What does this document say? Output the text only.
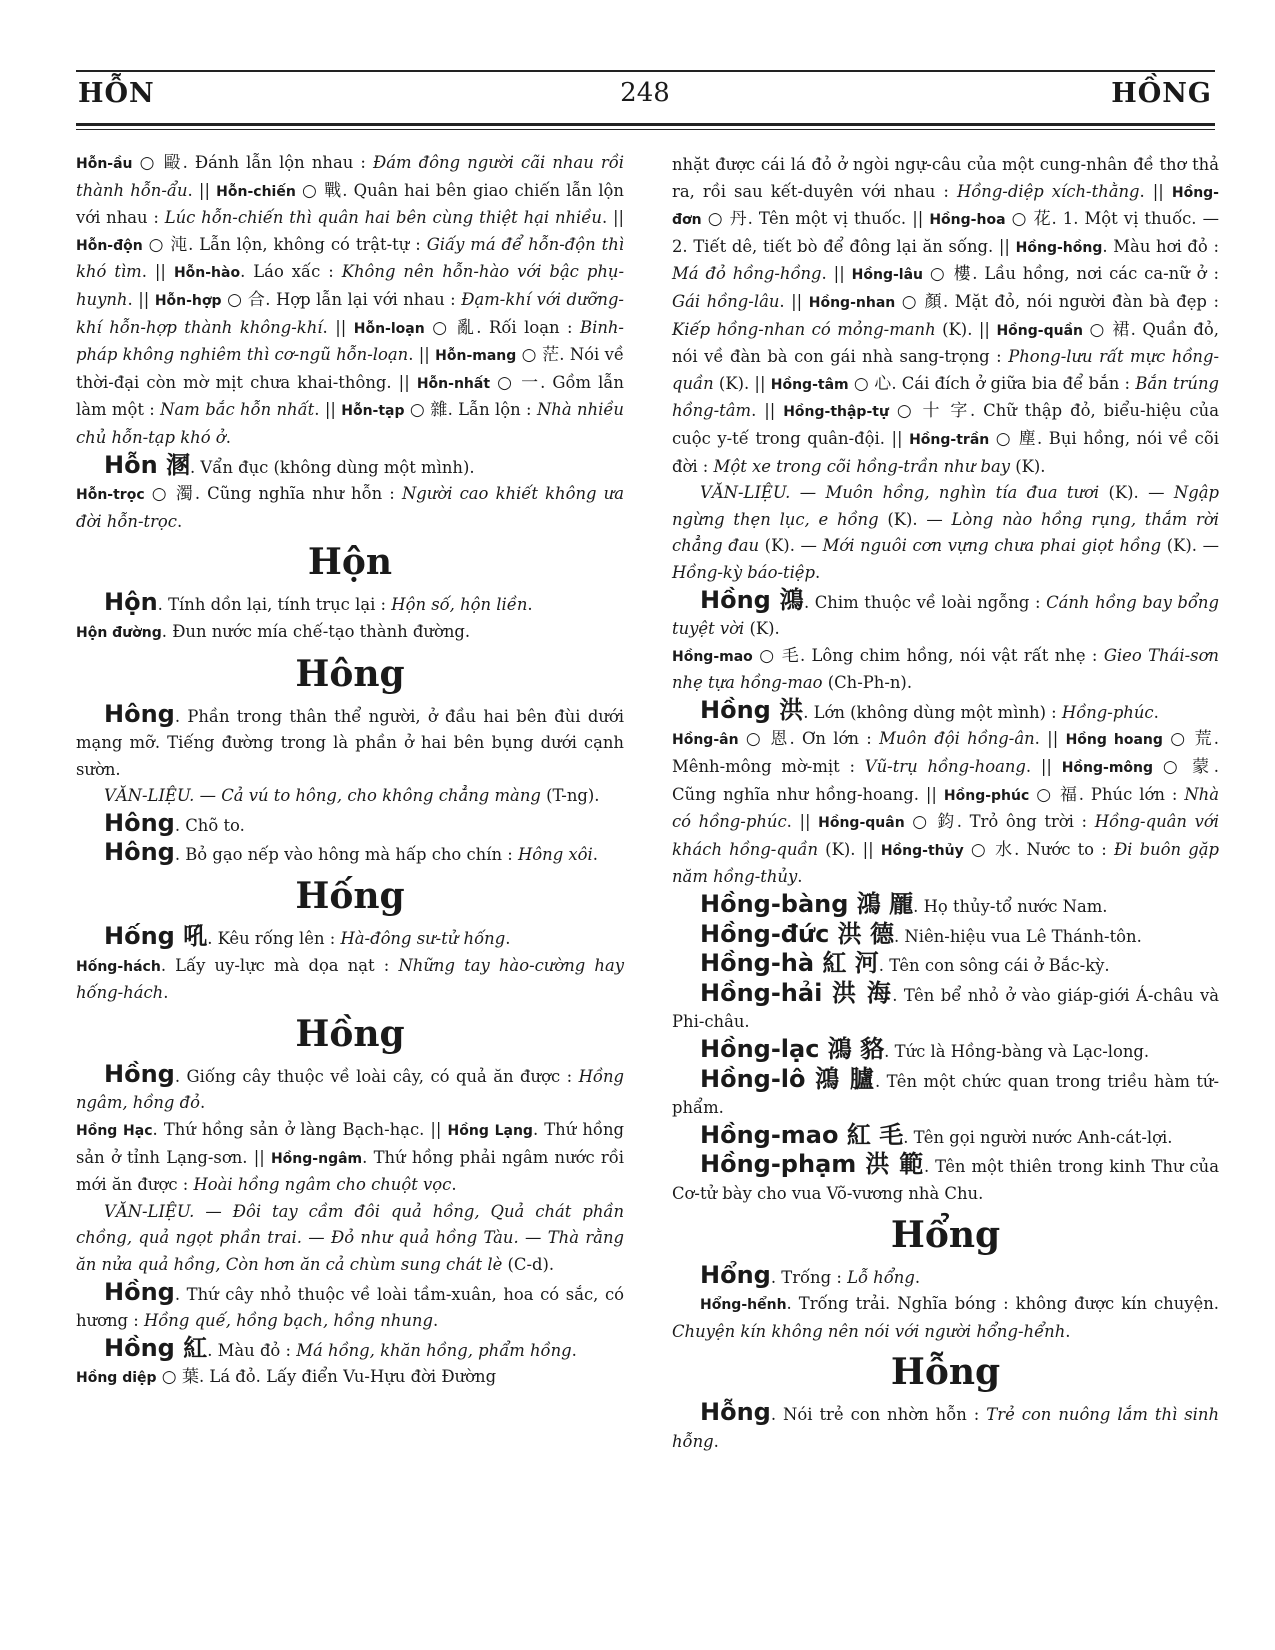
HỖN	248	HỒNG

Hỗn-ầu ○ 毆. Đánh lẫn lộn nhau : Đám đông người cãi nhau rồi thành hỗn-ẩu. || Hỗn-chiến ○ 戰. Quân hai bên giao chiến lẫn lộn với nhau : Lúc hỗn-chiến thì quân hai bên cùng thiệt hại nhiều. || Hỗn-độn ○ 沌. Lẫn lộn, không có trật-tự : Giấy má để hỗn-độn thì khó tìm. || Hỗn-hào. Láo xấc : Không nên hỗn-hào với bậc phụ-huynh. || Hỗn-hợp ○ 合. Hợp lẫn lại với nhau : Đạm-khí với dưỡng-khí hỗn-hợp thành không-khí. || Hỗn-loạn ○ 亂. Rối loạn : Binh-pháp không nghiêm thì cơ-ngũ hỗn-loạn. || Hỗn-mang ○ 茫. Nói về thời-đại còn mờ mịt chưa khai-thông. || Hỗn-nhất ○ 一. Gồm lẫn làm một : Nam bắc hỗn nhất. || Hỗn-tạp ○ 雜. Lẫn lộn : Nhà nhiều chủ hỗn-tạp khó ở.

Hỗn 溷. Vẩn đục (không dùng một mình).

Hỗn-trọc ○ 濁. Cũng nghĩa như hỗn : Người cao khiết không ưa đời hỗn-trọc.

Hộn

Hộn. Tính dồn lại, tính trục lại : Hộn số, hộn liền.

Hộn đường. Đun nước mía chế-tạo thành đường.

Hông

Hông. Phần trong thân thể người, ở đầu hai bên đùi dưới mạng mỡ. Tiếng đường trong là phần ở hai bên bụng dưới cạnh sườn.

VĂN-LIỆU. — Cả vú to hông, cho không chẳng màng (T-ng).

Hông. Chõ to.

Hông. Bỏ gạo nếp vào hông mà hấp cho chín : Hông xôi.

Hống

Hống 吼. Kêu rống lên : Hà-đông sư-tử hống.

Hống-hách. Lấy uy-lực mà dọa nạt : Những tay hào-cường hay hống-hách.

Hồng

Hồng. Giống cây thuộc về loài cây, có quả ăn được : Hồng ngâm, hồng đỏ.

Hồng Hạc. Thứ hồng sản ở làng Bạch-hạc. || Hồng Lạng. Thứ hồng sản ở tỉnh Lạng-sơn. || Hồng-ngâm. Thứ hồng phải ngâm nước rồi mới ăn được : Hoài hồng ngâm cho chuột vọc.

VĂN-LIỆU. — Đôi tay cầm đôi quả hồng, Quả chát phần chồng, quả ngọt phần trai. — Đỏ như quả hồng Tàu. — Thà rằng ăn nửa quả hồng, Còn hơn ăn cả chùm sung chát lè (C-d).

Hồng. Thứ cây nhỏ thuộc về loài tầm-xuân, hoa có sắc, có hương : Hồng quế, hồng bạch, hồng nhung.

Hồng 紅. Màu đỏ : Má hồng, khăn hồng, phẩm hồng.

Hồng diệp ○ 葉. Lá đỏ. Lấy điển Vu-Hựu đời Đường

nhặt được cái lá đỏ ở ngòi ngự-câu của một cung-nhân đề thơ thả ra, rồi sau kết-duyên với nhau : Hồng-diệp xích-thằng. || Hồng-đơn ○ 丹. Tên một vị thuốc. || Hồng-hoa ○ 花. 1. Một vị thuốc. — 2. Tiết dê, tiết bò để đông lại ăn sống. || Hồng-hồng. Màu hơi đỏ : Má đỏ hồng-hồng. || Hồng-lâu ○ 樓. Lầu hồng, nơi các ca-nữ ở : Gái hồng-lâu. || Hồng-nhan ○ 顏. Mặt đỏ, nói người đàn bà đẹp : Kiếp hồng-nhan có mỏng-manh (K). || Hồng-quần ○ 裙. Quần đỏ, nói về đàn bà con gái nhà sang-trọng : Phong-lưu rất mực hồng-quần (K). || Hồng-tâm ○ 心. Cái đích ở giữa bia để bắn : Bắn trúng hồng-tâm. || Hồng-thập-tự ○ 十 字. Chữ thập đỏ, biểu-hiệu của cuộc y-tế trong quân-đội. || Hồng-trần ○ 塵. Bụi hồng, nói về cõi đời : Một xe trong cõi hồng-trần như bay (K).

VĂN-LIỆU. — Muôn hồng, nghìn tía đua tươi (K). — Ngập ngừng thẹn lục, e hồng (K). — Lòng nào hồng rụng, thắm rời chẳng đau (K). — Mới nguôi cơn vựng chưa phai giọt hồng (K). — Hồng-kỳ báo-tiệp.

Hồng 鴻. Chim thuộc về loài ngỗng : Cánh hồng bay bổng tuyệt vời (K).

Hồng-mao ○ 毛. Lông chim hồng, nói vật rất nhẹ : Gieo Thái-sơn nhẹ tựa hồng-mao (Ch-Ph-n).

Hồng 洪. Lớn (không dùng một mình) : Hồng-phúc.

Hồng-ân ○ 恩. Ơn lớn : Muôn đội hồng-ân. || Hồng hoang ○ 荒. Mênh-mông mờ-mịt : Vũ-trụ hồng-hoang. || Hồng-mông ○ 蒙. Cũng nghĩa như hồng-hoang. || Hồng-phúc ○ 福. Phúc lớn : Nhà có hồng-phúc. || Hồng-quân ○ 鈞. Trỏ ông trời : Hồng-quân với khách hồng-quần (K). || Hồng-thủy ○ 水. Nước to : Đi buôn gặp năm hồng-thủy.

Hồng-bàng 鴻 龎. Họ thủy-tổ nước Nam.

Hồng-đức 洪 德. Niên-hiệu vua Lê Thánh-tôn.

Hồng-hà 紅 河. Tên con sông cái ở Bắc-kỳ.

Hồng-hải 洪 海. Tên bể nhỏ ở vào giáp-giới Á-châu và Phi-châu.

Hồng-lạc 鴻 貉. Tức là Hồng-bàng và Lạc-long.

Hồng-lô 鴻 臚. Tên một chức quan trong triều hàm tứ-phẩm.

Hồng-mao 紅 毛. Tên gọi người nước Anh-cát-lợi.

Hồng-phạm 洪 範. Tên một thiên trong kinh Thư của Cơ-tử bày cho vua Võ-vương nhà Chu.

Hổng

Hổng. Trống : Lỗ hổng.

Hổng-hểnh. Trống trải. Nghĩa bóng : không được kín chuyện. Chuyện kín không nên nói với người hổng-hểnh.

Hỗng

Hỗng. Nói trẻ con nhờn hỗn : Trẻ con nuông lắm thì sinh hỗng.
